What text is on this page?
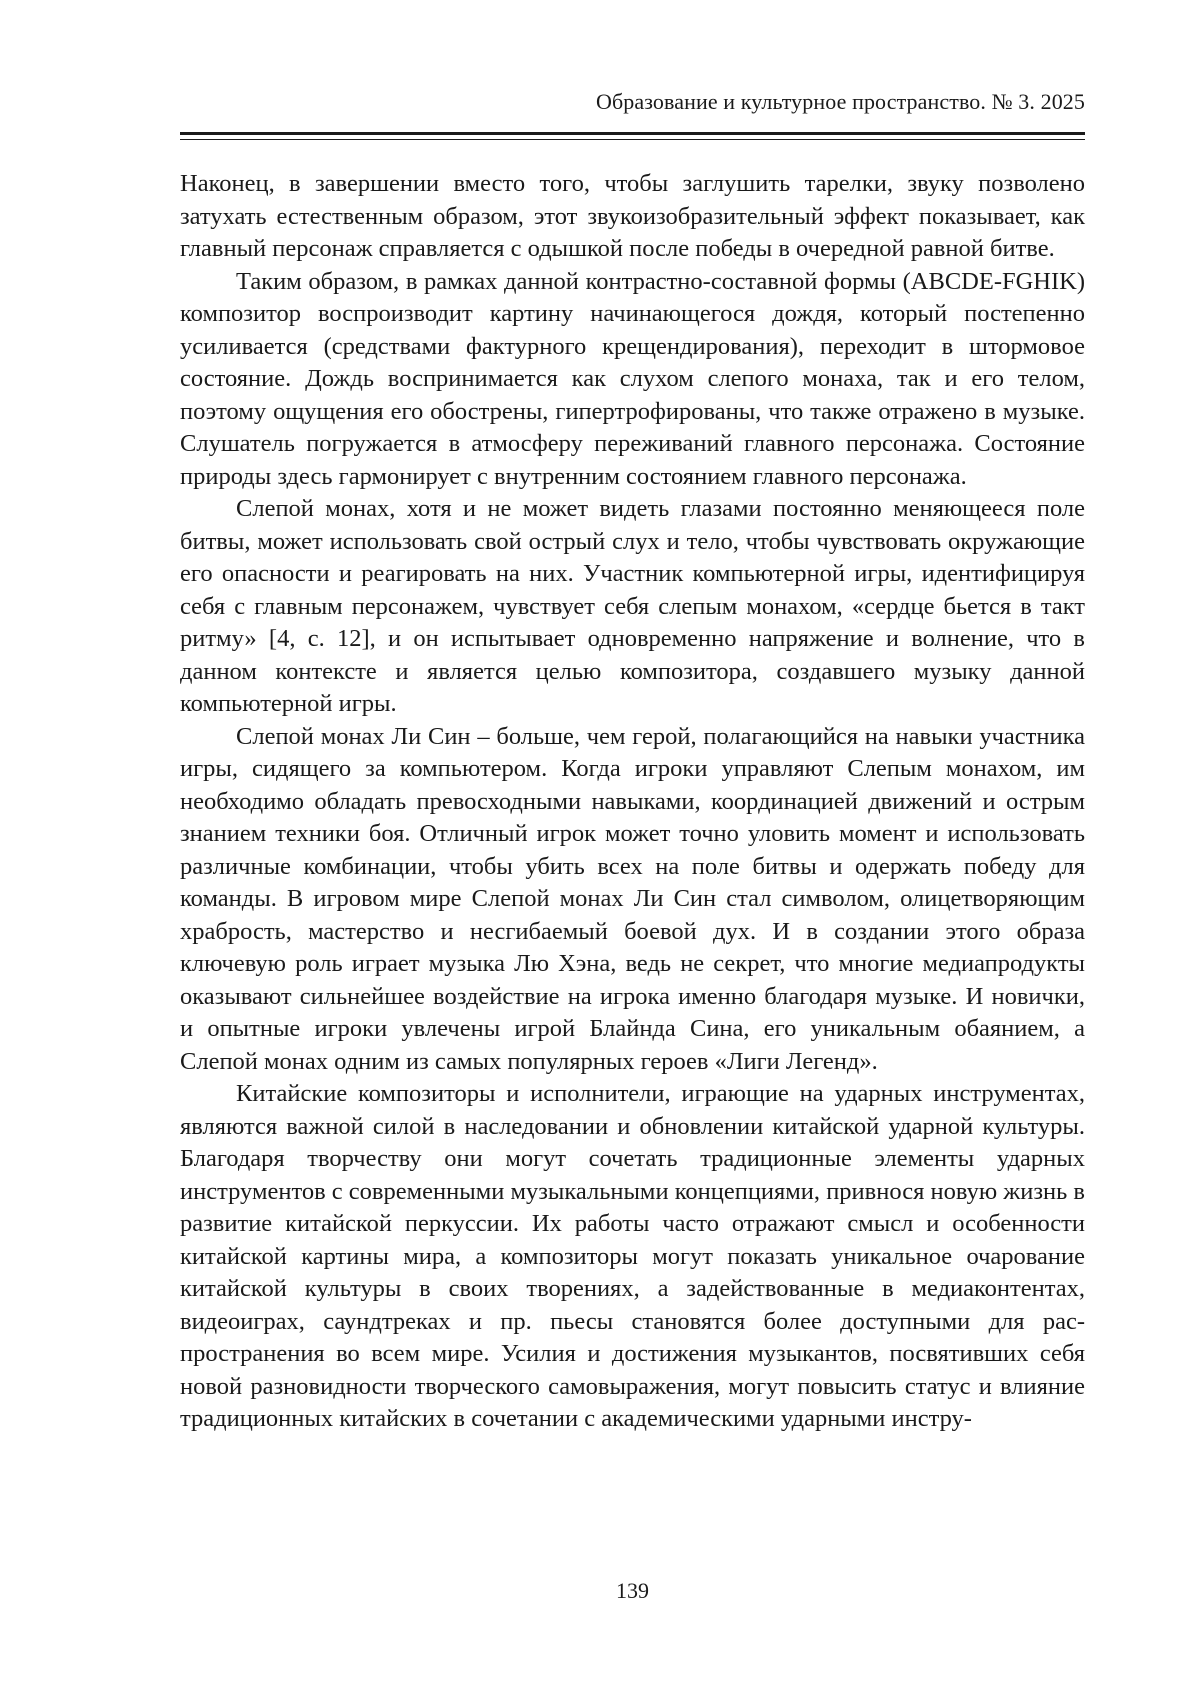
Образование и культурное пространство. № 3. 2025

Наконец, в завершении вместо того, чтобы заглушить тарелки, звуку позволено затухать естественным образом, этот звукоизобразительный эффект показывает, как главный персонаж справляется с одышкой после победы в очередной равной битве.

Таким образом, в рамках данной контрастно-составной формы (ABCDE-FGHIK) композитор воспроизводит картину начинающегося дождя, который постепенно усиливается (средствами фактурного крещендирования), переходит в штормовое состояние. Дождь воспринимается как слухом слепого монаха, так и его телом, поэтому ощущения его обострены, гипертрофированы, что также отражено в музыке. Слушатель погружается в атмосферу переживаний главного персонажа. Состояние природы здесь гармонирует с внутренним состоянием главного персонажа.

Слепой монах, хотя и не может видеть глазами постоянно меняющееся поле битвы, может использовать свой острый слух и тело, чтобы чувствовать окружающие его опасности и реагировать на них. Участник компьютерной игры, идентифицируя себя с главным персонажем, чувствует себя слепым монахом, «сердце бьется в такт ритму» [4, с. 12], и он испытывает одновременно напряжение и волнение, что в данном контексте и является целью композитора, создавшего музыку данной компьютерной игры.

Слепой монах Ли Син – больше, чем герой, полагающийся на навыки участника игры, сидящего за компьютером. Когда игроки управляют Слепым монахом, им необходимо обладать превосходными навыками, координацией движений и острым знанием техники боя. Отличный игрок может точно уловить момент и использовать различные комбинации, чтобы убить всех на поле битвы и одержать победу для команды. В игровом мире Слепой монах Ли Син стал символом, олицетворяющим храбрость, мастерство и несгибаемый боевой дух. И в создании этого образа ключевую роль играет музыка Лю Хэна, ведь не секрет, что многие медиапродукты оказывают сильнейшее воздействие на игрока именно благодаря музыке. И новички, и опытные игроки увлечены игрой Блайнда Сина, его уникальным обаянием, а Слепой монах одним из самых популярных героев «Лиги Легенд».

Китайские композиторы и исполнители, играющие на ударных инструментах, являются важной силой в наследовании и обновлении китайской ударной культуры. Благодаря творчеству они могут сочетать традиционные элементы ударных инструментов с современными музыкальными концепциями, привнося новую жизнь в развитие китайской перкуссии. Их работы часто отражают смысл и особенности китайской картины мира, а композиторы могут показать уникальное очарование китайской культуры в своих творениях, а задействованные в медиаконтентах, видеоиграх, саундтреках и пр. пьесы становятся более доступными для распространения во всем мире. Усилия и достижения музыкантов, посвятивших себя новой разновидности творческого самовыражения, могут повысить статус и влияние традиционных китайских в сочетании с академическими ударными инстру-

139
